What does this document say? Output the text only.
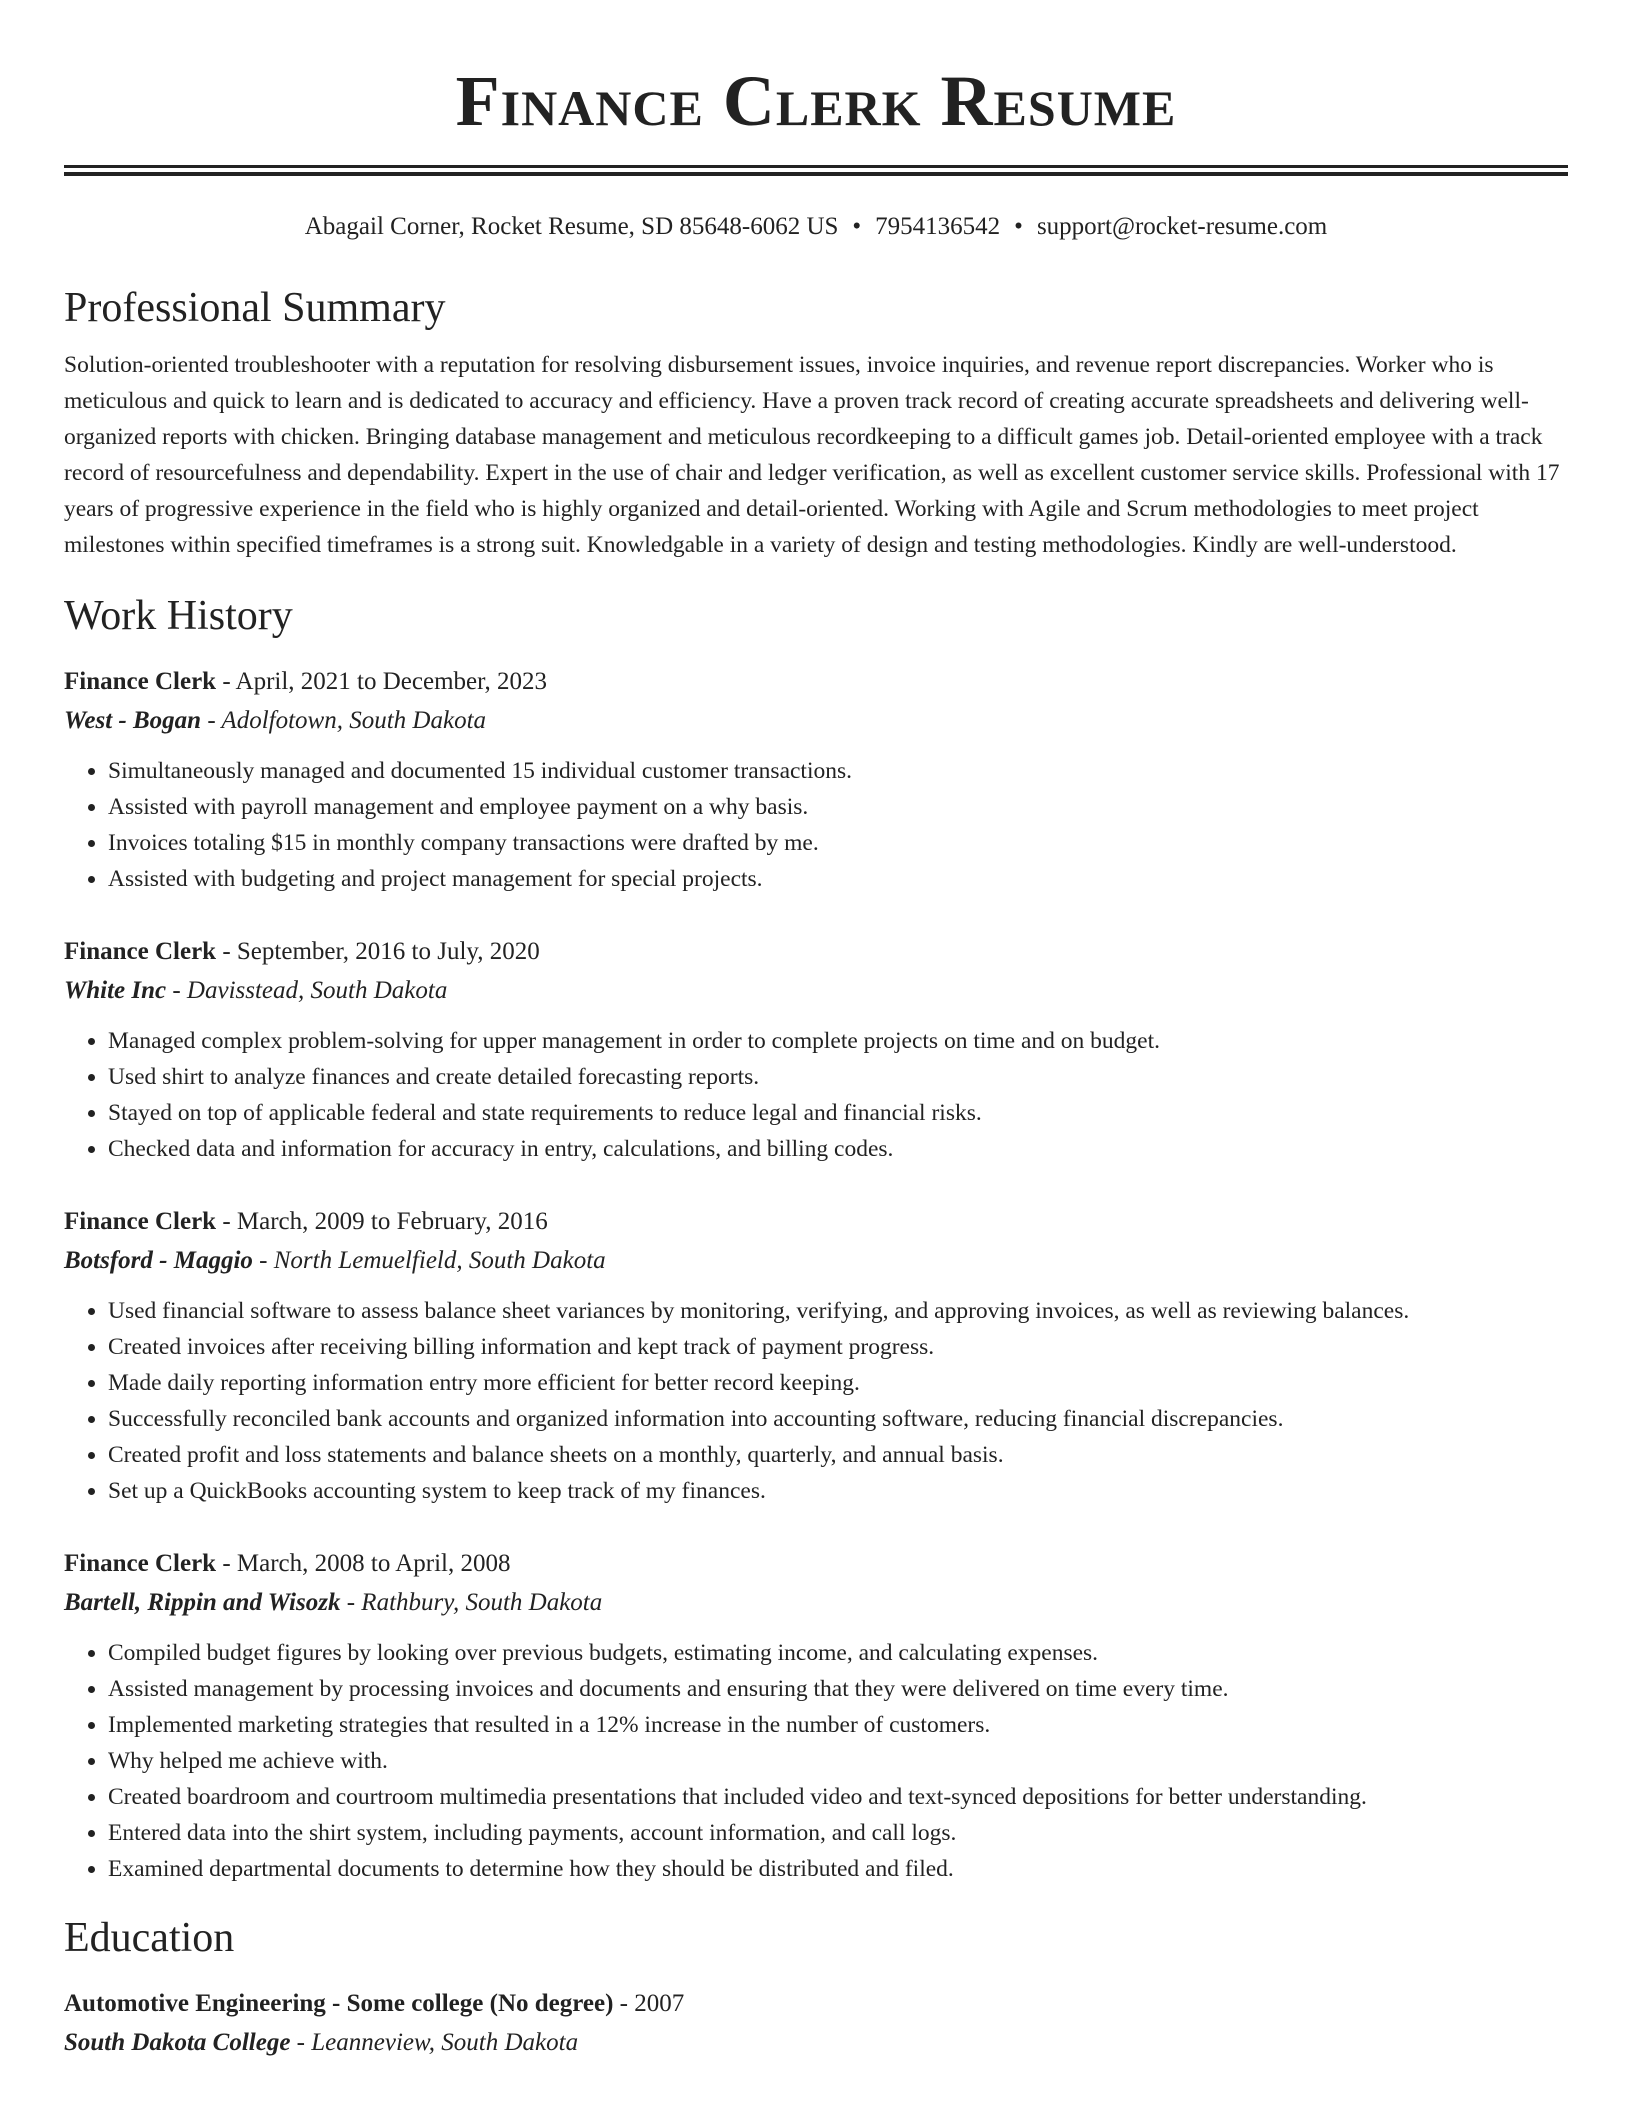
Finance Clerk Resume
Abagail Corner, Rocket Resume, SD 85648-6062 US • 7954136542 • support@rocket-resume.com
Professional Summary

Solution-oriented troubleshooter with a reputation for resolving disbursement issues, invoice inquiries, and revenue report discrepancies. Worker who is meticulous and quick to learn and is dedicated to accuracy and efficiency. Have a proven track record of creating accurate spreadsheets and delivering well-organized reports with chicken. Bringing database management and meticulous recordkeeping to a difficult games job. Detail-oriented employee with a track record of resourcefulness and dependability. Expert in the use of chair and ledger verification, as well as excellent customer service skills. Professional with 17 years of progressive experience in the field who is highly organized and detail-oriented. Working with Agile and Scrum methodologies to meet project milestones within specified timeframes is a strong suit. Knowledgable in a variety of design and testing methodologies. Kindly are well-understood.

Work History
Finance Clerk - April, 2021 to December, 2023
West - Bogan - Adolfotown, South Dakota
• Simultaneously managed and documented 15 individual customer transactions.
• Assisted with payroll management and employee payment on a why basis.
• Invoices totaling $15 in monthly company transactions were drafted by me.
• Assisted with budgeting and project management for special projects.
Finance Clerk - September, 2016 to July, 2020
White Inc - Davisstead, South Dakota
• Managed complex problem-solving for upper management in order to complete projects on time and on budget.
• Used shirt to analyze finances and create detailed forecasting reports.
• Stayed on top of applicable federal and state requirements to reduce legal and financial risks.
• Checked data and information for accuracy in entry, calculations, and billing codes.
Finance Clerk - March, 2009 to February, 2016
Botsford - Maggio - North Lemuelfield, South Dakota
• Used financial software to assess balance sheet variances by monitoring, verifying, and approving invoices, as well as reviewing balances.
• Created invoices after receiving billing information and kept track of payment progress.
• Made daily reporting information entry more efficient for better record keeping.
• Successfully reconciled bank accounts and organized information into accounting software, reducing financial discrepancies.
• Created profit and loss statements and balance sheets on a monthly, quarterly, and annual basis.
• Set up a QuickBooks accounting system to keep track of my finances.
Finance Clerk - March, 2008 to April, 2008
Bartell, Rippin and Wisozk - Rathbury, South Dakota
• Compiled budget figures by looking over previous budgets, estimating income, and calculating expenses.
• Assisted management by processing invoices and documents and ensuring that they were delivered on time every time.
• Implemented marketing strategies that resulted in a 12% increase in the number of customers.
• Why helped me achieve with.
• Created boardroom and courtroom multimedia presentations that included video and text-synced depositions for better understanding.
• Entered data into the shirt system, including payments, account information, and call logs.
• Examined departmental documents to determine how they should be distributed and filed.
Education
Automotive Engineering - Some college (No degree) - 2007
South Dakota College - Leanneview, South Dakota
